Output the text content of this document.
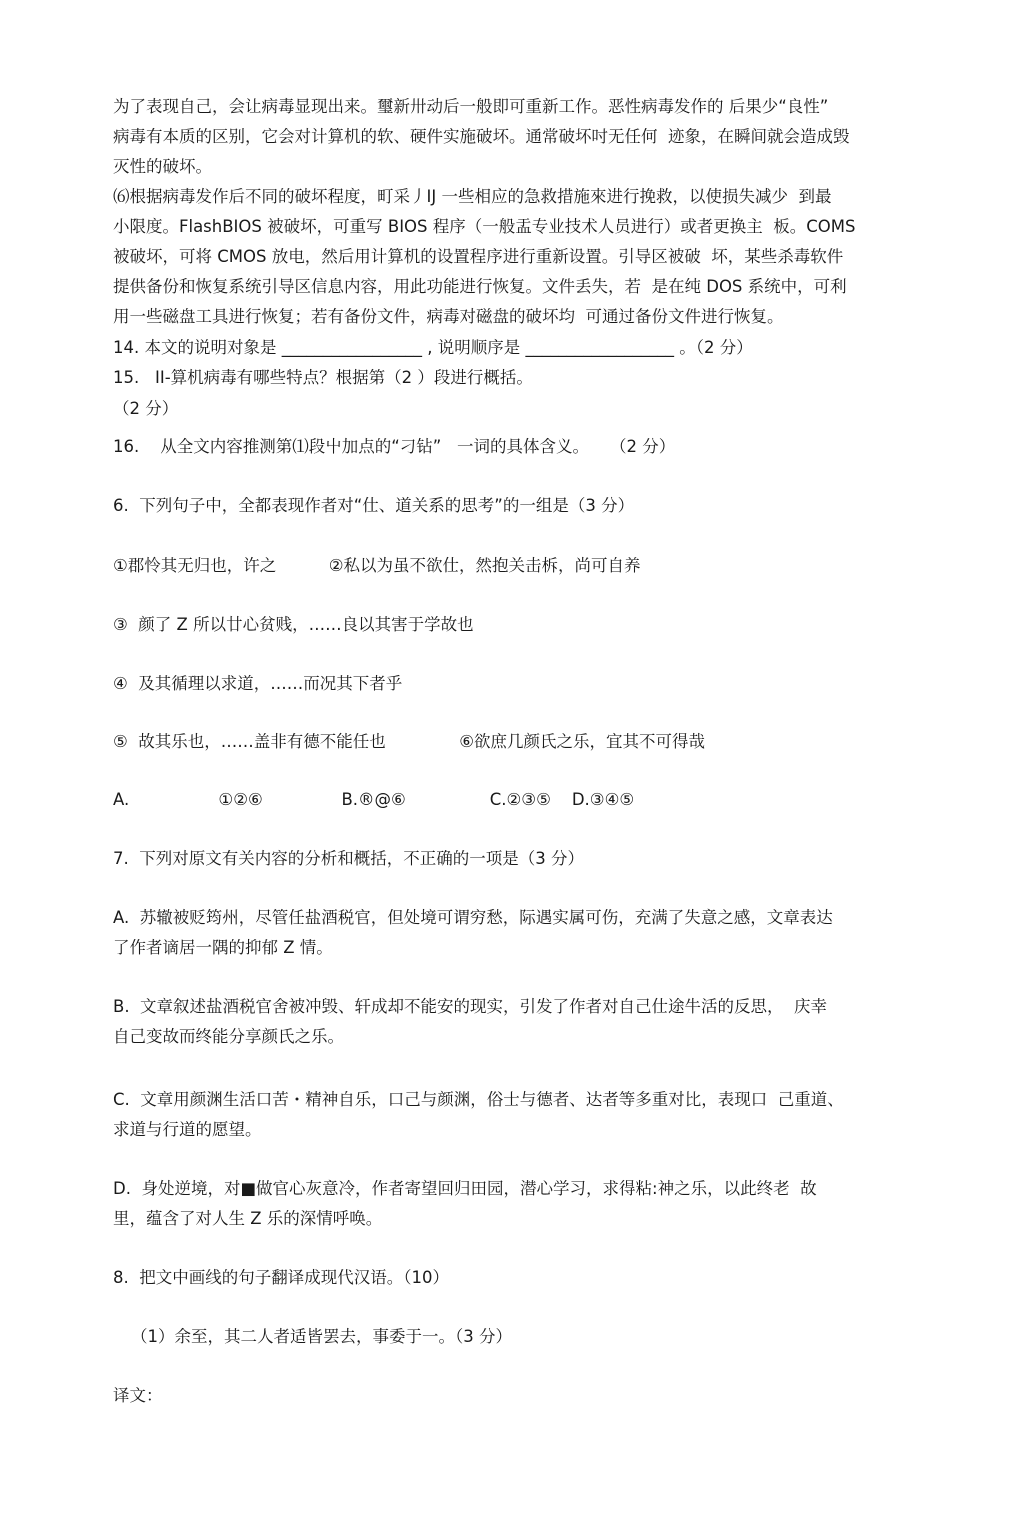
为了表现自己，会让病毒显现出来。璽新卅动后一般即可重新工作。恶性病毒发作的 后果少“良性”
病毒有本质的区别，它会对计算机的软、硬件实施破坏。通常破坏吋无任何  迹象，在瞬间就会造成毁
灭性的破坏。
⑹根据病毒发作后不同的破坏程度，町采丿IJ 一些相应的急救措施來进行挽救，以使损失减少  到最
小限度。FlashBIOS 被破坏，可重写 BIOS 程序（一般盂专业技术人员进行）或者更换主  板。COMS
被破坏，可将 CMOS 放电，然后用计算机的设置程序进行重新设置。引导区被破  坏，某些杀毒软件
提供备份和恢复系统引导区信息内容，用此功能进行恢复。文件丢失，若  是在纯 DOS 系统中，可利
用一些磁盘工具进行恢复；若有备份文件，病毒对磁盘的破坏均  可通过备份文件进行恢复。
14. 本文的说明对象是 _________________ , 说明顺序是 __________________ 。（2 分）
15.   II-算机病毒有哪些特点？根据第（2 ）段进行概括。
（2 分）
16.    从全文内容推测第⑴段屮加点的“刁钻”   一词的具体含义。    （2 分）
6.  下列句子中，全都表现作者对“仕、道关系的思考”的一组是（3 分）
①郡怜其无归也，许之          ②私以为虽不欲仕，然抱关击柝，尚可自养
③  颜了 Z 所以廿心贫贱，……良以其害于学故也
④  及其循理以求道，……而况其下者乎
⑤  故其乐也，……盖非有德不能任也              ⑥欲庶几颜氏之乐，宜其不可得哉
A.                 ①②⑥               B.®@⑥                C.②③⑤    D.③④⑤
7.  下列对原文有关内容的分析和概括，不正确的一项是（3 分）
A.  苏辙被贬筠州，尽管任盐酒税官，但处境可谓穷愁，际遇实属可伤，充满了失意之感，文章表达
了作者谪居一隅的抑郁 Z 情。
B.  文章叙述盐酒税官舍被冲毁、轩成却不能安的现实，引发了作者对自己仕途牛活的反思，  庆幸
自己变故而终能分享颜氏之乐。
C.  文章用颜渊生活口苦・精神自乐，口己与颜渊，俗士与德者、达者等多重对比，表现口  己重道、
求道与行道的愿望。
D.  身处逆境，对■做官心灰意冷，作者寄望回归田园，潜心学习，求得粘:神之乐，以此终老  故
里，蕴含了对人生 Z 乐的深情呼唤。
8.  把文中画线的句子翻译成现代汉语。（10）
（1）余至，其二人者适皆罢去，事委于一。（3 分）
译文：
